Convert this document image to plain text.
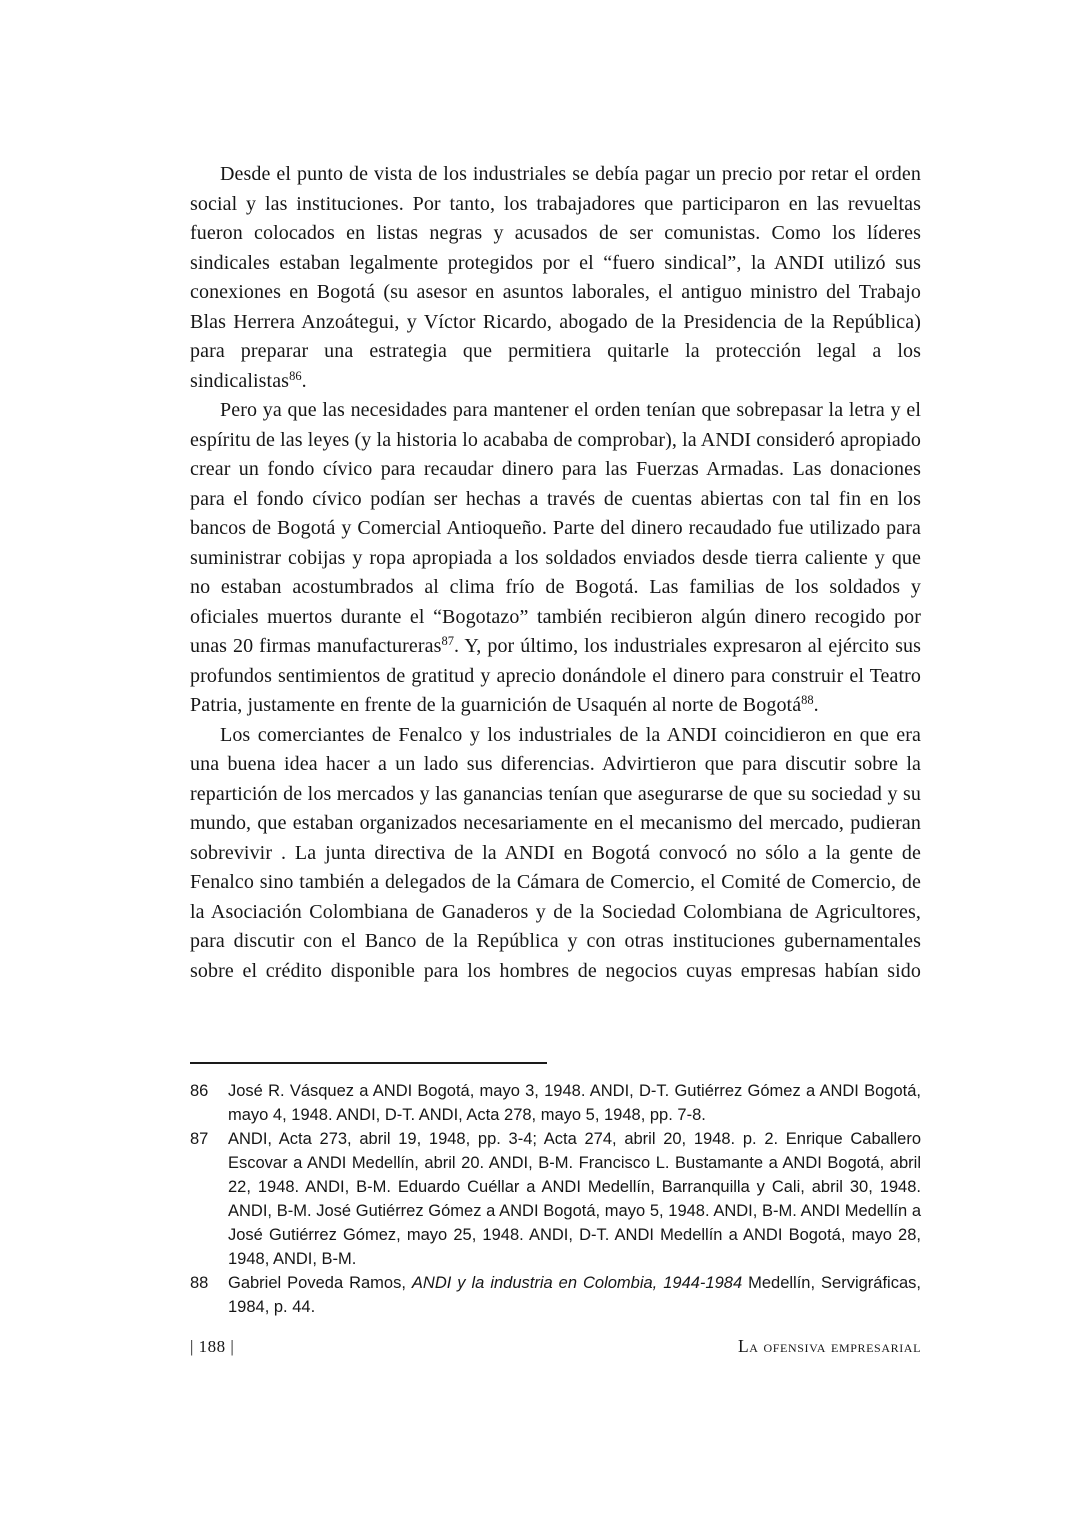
Desde el punto de vista de los industriales se debía pagar un precio por retar el orden social y las instituciones. Por tanto, los trabajadores que participaron en las revueltas fueron colocados en listas negras y acusados de ser comunistas. Como los líderes sindicales estaban legalmente protegidos por el “fuero sindical”, la ANDI utilizó sus conexiones en Bogotá (su asesor en asuntos laborales, el antiguo ministro del Trabajo Blas Herrera Anzoátegui, y Víctor Ricardo, abogado de la Presidencia de la República) para preparar una estrategia que permitiera quitarle la protección legal a los sindicalistas$^{86}$.

Pero ya que las necesidades para mantener el orden tenían que sobrepasar la letra y el espíritu de las leyes (y la historia lo acababa de comprobar), la ANDI consideró apropiado crear un fondo cívico para recaudar dinero para las Fuerzas Armadas. Las donaciones para el fondo cívico podían ser hechas a través de cuentas abiertas con tal fin en los bancos de Bogotá y Comercial Antioqueño. Parte del dinero recaudado fue utilizado para suministrar cobijas y ropa apropiada a los soldados enviados desde tierra caliente y que no estaban acostumbrados al clima frío de Bogotá. Las familias de los soldados y oficiales muertos durante el “Bogotazo” también recibieron algún dinero recogido por unas 20 firmas manufactureras$^{87}$. Y, por último, los industriales expresaron al ejército sus profundos sentimientos de gratitud y aprecio donándole el dinero para construir el Teatro Patria, justamente en frente de la guarnición de Usaquén al norte de Bogotá$^{88}$.

Los comerciantes de Fenalco y los industriales de la ANDI coincidieron en que era una buena idea hacer a un lado sus diferencias. Advirtieron que para discutir sobre la repartición de los mercados y las ganancias tenían que asegurarse de que su sociedad y su mundo, que estaban organizados necesariamente en el mecanismo del mercado, pudieran sobrevivir . La junta directiva de la ANDI en Bogotá convocó no sólo a la gente de Fenalco sino también a delegados de la Cámara de Comercio, el Comité de Comercio, de la Asociación Colombiana de Ganaderos y de la Sociedad Colombiana de Agricultores, para discutir con el Banco de la República y con otras instituciones gubernamentales sobre el crédito disponible para los hombres de negocios cuyas empresas habían sido

86	José R. Vásquez a ANDI Bogotá, mayo 3, 1948. ANDI, D-T. Gutiérrez Gómez a ANDI Bogotá, mayo 4, 1948. ANDI, D-T. ANDI, Acta 278, mayo 5, 1948, pp. 7-8.
87	ANDI, Acta 273, abril 19, 1948, pp. 3-4; Acta 274, abril 20, 1948. p. 2. Enrique Caballero Escovar a ANDI Medellín, abril 20. ANDI, B-M. Francisco L. Bustamante a ANDI Bogotá, abril 22, 1948. ANDI, B-M. Eduardo Cuéllar a ANDI Medellín, Barranquilla y Cali, abril 30, 1948. ANDI, B-M. José Gutiérrez Gómez a ANDI Bogotá, mayo 5, 1948. ANDI, B-M. ANDI Medellín a José Gutiérrez Gómez, mayo 25, 1948. ANDI, D-T. ANDI Medellín a ANDI Bogotá, mayo 28, 1948, ANDI, B-M.
88	Gabriel Poveda Ramos, ANDI y la industria en Colombia, 1944-1984 Medellín, Servigráficas, 1984, p. 44.
| 188 |	La ofensiva empresarial
